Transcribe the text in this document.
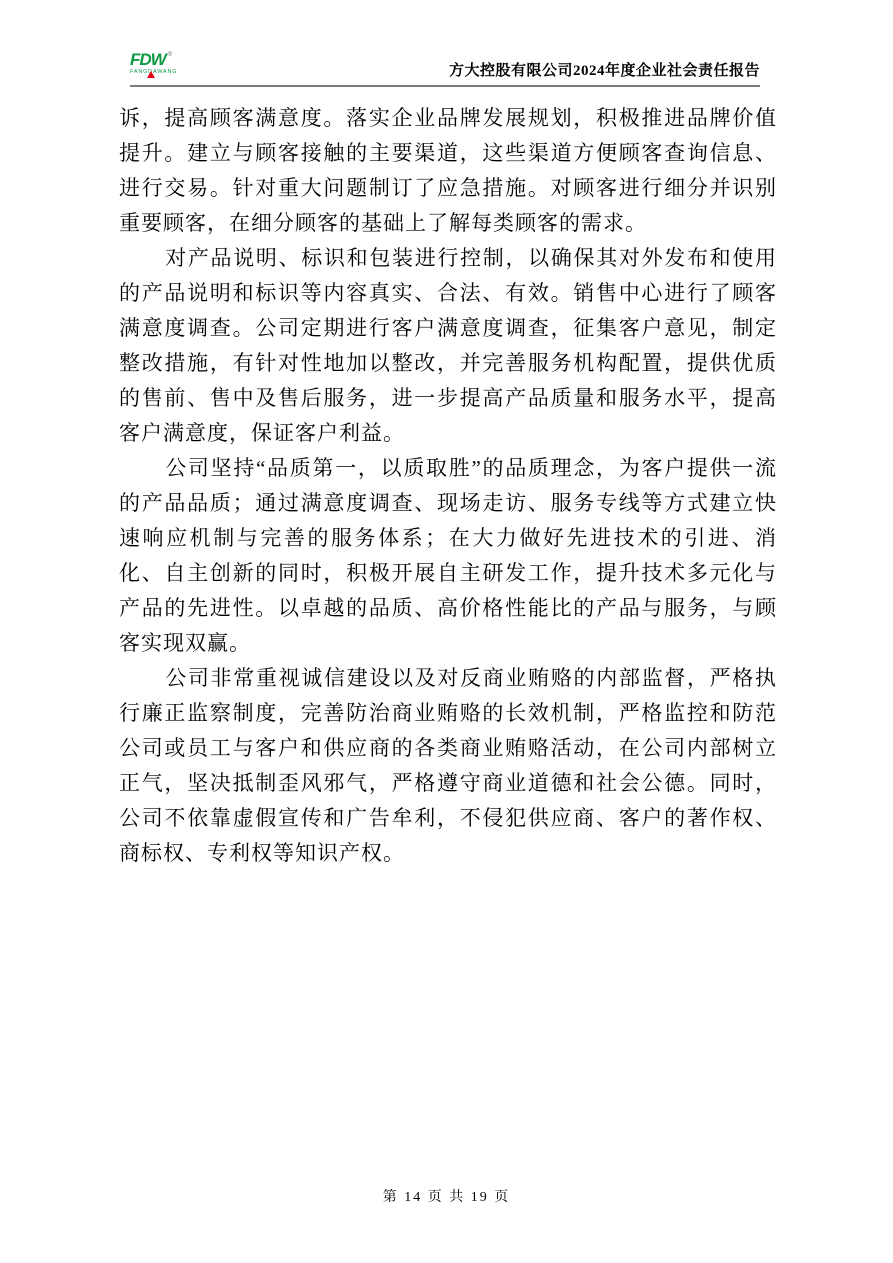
FDW ®
FANGDAWANG	方大控股有限公司2024年度企业社会责任报告

诉，提高顾客满意度。落实企业品牌发展规划，积极推进品牌价值提升。建立与顾客接触的主要渠道，这些渠道方便顾客查询信息、进行交易。针对重大问题制订了应急措施。对顾客进行细分并识别重要顾客，在细分顾客的基础上了解每类顾客的需求。

对产品说明、标识和包装进行控制，以确保其对外发布和使用的产品说明和标识等内容真实、合法、有效。销售中心进行了顾客满意度调查。公司定期进行客户满意度调查，征集客户意见，制定整改措施，有针对性地加以整改，并完善服务机构配置，提供优质的售前、售中及售后服务，进一步提高产品质量和服务水平，提高客户满意度，保证客户利益。

公司坚持“品质第一，以质取胜”的品质理念，为客户提供一流的产品品质；通过满意度调查、现场走访、服务专线等方式建立快速响应机制与完善的服务体系；在大力做好先进技术的引进、消化、自主创新的同时，积极开展自主研发工作，提升技术多元化与产品的先进性。以卓越的品质、高价格性能比的产品与服务，与顾客实现双赢。

公司非常重视诚信建设以及对反商业贿赂的内部监督，严格执行廉正监察制度，完善防治商业贿赂的长效机制，严格监控和防范公司或员工与客户和供应商的各类商业贿赂活动，在公司内部树立正气，坚决抵制歪风邪气，严格遵守商业道德和社会公德。同时，公司不依靠虚假宣传和广告牟利，不侵犯供应商、客户的著作权、商标权、专利权等知识产权。

第 14 页 共 19 页
